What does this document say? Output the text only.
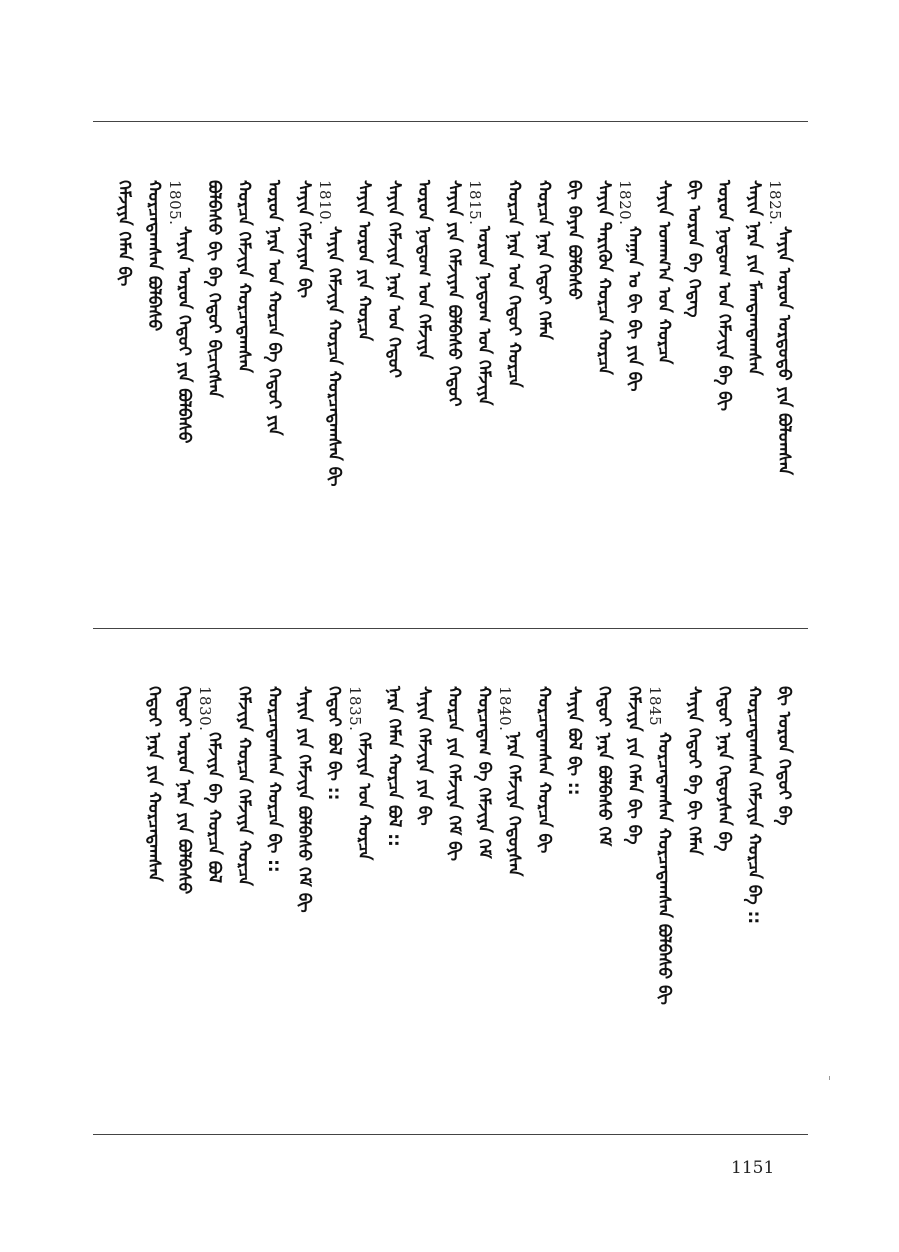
1825.
ᠰᠠᠶᠢᠨ ᠤᠷᠤᠨ ᠤᠷᠲᠤᠳᠤ ᠶᠢᠨ ᠪᠣᠯᠤᠭᠰᠠᠨ
ᠰᠠᠶᠢᠨ ᠨᠡᠷᠡ ᠶᠢᠨ ᠮᠠᠭᠲᠠᠭᠳᠠᠭᠰᠠᠨ
ᠤᠷᠤᠨ ᠨᠤᠲᠤᠭ ᠤᠨ ᠬᠡᠮᠵᠢᠶᠡ ᠪᠡ ᠪᠢ
ᠪᠢ ᠣᠷᠣᠨ ᠪᠠ ᠭᠡᠳᠡᠭ
ᠰᠠᠶᠢᠨ ᠤᠬᠠᠭ᠎ᠠ ᠤᠨ ᠬᠤᠷᠴᠠ
1820.
ᠬᠠᠭᠠᠨ ᠤ ᠪᠢ ᠪᠢ ᠶᠢᠨ ᠪᠢ
ᠰᠠᠶᠢᠨ ᠲᠡᠷᠢᠭᠦᠨ ᠬᠤᠷᠴᠠ ᠬᠤᠷᠴᠠ
ᠪᠢ ᠪᠠᠶᠠᠨ ᠪᠣᠯᠪᠠᠰᠤ
ᠬᠤᠷᠴᠠ ᠨᠡᠷᠡ ᠬᠡᠳᠦᠶ ᠬᠡᠮᠡᠨ
ᠬᠤᠷᠴᠠ ᠨᠡᠷᠡ ᠤᠨ ᠬᠡᠳᠦᠶ ᠬᠤᠷᠴᠠ
1815.
ᠤᠷᠤᠨ ᠨᠤᠲᠤᠭ ᠤᠨ ᠬᠡᠮᠵᠢᠶᠡ
ᠰᠠᠶᠢᠨ ᠶᠢᠨ ᠬᠡᠮᠵᠢᠶᠡᠨ ᠪᠣᠯᠪᠠᠰᠤ ᠬᠡᠳᠦᠶ
ᠤᠷᠤᠨ ᠨᠤᠲᠤᠭ ᠤᠨ ᠬᠡᠮᠵᠢᠶᠡ
ᠰᠠᠶᠢᠨ ᠬᠡᠮᠵᠢᠶᠡ ᠨᠡᠷᠡ ᠤᠨ ᠬᠡᠳᠦᠶ
ᠰᠠᠶᠢᠨ ᠣᠷᠣᠨ ᠶᠢᠨ ᠬᠤᠷᠴᠠ
1810.
ᠰᠠᠶᠢᠨ ᠬᠡᠮᠵᠢᠶᠡ ᠬᠤᠷᠴᠠ ᠬᠤᠷᠴᠠᠳᠠᠭᠰᠠᠨ ᠪᠢ
ᠰᠠᠶᠢᠨ ᠬᠡᠮᠵᠢᠶᠡᠨ ᠪᠢ
ᠤᠷᠤᠨ ᠨᠡᠷᠡ ᠤᠨ ᠬᠤᠷᠴᠠ ᠪᠠ ᠬᠡᠳᠦᠶ ᠶᠢᠨ
ᠬᠤᠷᠴᠠ ᠬᠡᠮᠵᠢᠶᠡ ᠬᠤᠷᠴᠠᠳᠠᠭᠰᠠᠨ
ᠪᠣᠯᠪᠠᠰᠤ ᠪᠢ ᠪᠠ ᠬᠡᠳᠦᠶ ᠪᠢᠴᠢᠭᠰᠡᠨ
1805.
ᠰᠠᠶᠢᠨ ᠤᠷᠤᠨ ᠬᠡᠳᠦᠶ ᠶᠢᠨ ᠪᠣᠯᠪᠠᠰᠤ
ᠬᠤᠷᠴᠠᠳᠠᠭᠰᠠᠨ ᠪᠣᠯᠪᠠᠰᠤ
ᠬᠡᠮᠵᠢᠶᠡ ᠬᠡᠮᠡᠨ ᠪᠢ
ᠪᠢ ᠤᠷᠤᠨ ᠬᠡᠳᠦᠶ ᠪᠠ
ᠬᠤᠷᠴᠠᠳᠠᠭᠰᠠᠨ ᠬᠡᠮᠵᠢᠶᠡ ᠬᠤᠷᠴᠠ ᠪᠠ ::
ᠬᠡᠳᠦᠶ ᠨᠡᠷᠡ ᠬᠡᠳᠦᠶᠰᠡᠨ ᠪᠠ
ᠰᠠᠶᠢᠨ ᠬᠡᠳᠦᠶ ᠪᠠ ᠪᠢ ᠬᠡᠮᠡᠨ
1845
ᠬᠤᠷᠴᠠᠳᠠᠭᠰᠠᠨ ᠬᠤᠷᠴᠠᠳᠠᠭᠰᠠᠨ ᠪᠣᠯᠪᠠᠰᠤ ᠪᠢ
ᠬᠡᠮᠵᠢᠶᠡ ᠶᠢᠨ ᠬᠡᠮᠡᠨ ᠪᠢ ᠪᠠ
ᠬᠡᠳᠦᠶ ᠨᠡᠷᠡ ᠪᠣᠯᠪᠠᠰᠤ ᠬᠡᠮ
ᠰᠠᠶᠢᠨ ᠪᠣᠯ ᠪᠢ ::
ᠬᠤᠷᠴᠠᠳᠠᠭᠰᠠᠨ ᠬᠤᠷᠴᠠ ᠪᠢ
1840.
ᠨᠡᠷᠡ ᠬᠡᠮᠵᠢᠶᠡ ᠬᠡᠳᠦᠶᠰᠡᠨ
ᠬᠤᠷᠴᠠᠳᠠᠭ ᠪᠠ ᠬᠡᠮᠵᠢᠶᠡ ᠬᠡᠮ
ᠬᠤᠷᠴᠠ ᠶᠢᠨ ᠬᠡᠮᠵᠢᠶᠡ ᠬᠡᠮ ᠪᠢ
ᠰᠠᠶᠢᠨ ᠬᠡᠮᠵᠢᠶᠡ ᠶᠢᠨ ᠪᠢ
ᠨᠡᠷᠡ ᠬᠡᠮᠡᠨ ᠬᠤᠷᠴᠠ ᠪᠣᠯ ::
1835.
ᠬᠡᠮᠵᠢᠶᠡ ᠤᠨ ᠬᠤᠷᠴᠠ
ᠬᠡᠳᠦᠶ ᠪᠣᠯ ᠪᠢ ::
ᠰᠠᠶᠢᠨ ᠶᠢᠨ ᠬᠡᠮᠵᠢᠶᠡ ᠪᠣᠯᠪᠠᠰᠤ ᠬᠡᠮ ᠪᠢ
ᠬᠤᠷᠴᠠᠳᠠᠭᠰᠠᠨ ᠬᠤᠷᠴᠠ ᠪᠢ ::
ᠬᠡᠮᠵᠢᠶᠡ ᠬᠤᠷᠴᠠ ᠬᠡᠮᠵᠢᠶᠡ ᠬᠤᠷᠴᠠ
1830.
ᠬᠡᠮᠵᠢᠶᠡ ᠪᠠ ᠬᠤᠷᠴᠠ ᠪᠣᠯ
ᠬᠡᠳᠦᠶ ᠤᠷᠤᠨ ᠨᠡᠷᠡ ᠶᠢᠨ ᠪᠣᠯᠪᠠᠰᠤ
ᠬᠡᠳᠦᠶ ᠨᠡᠷᠡ ᠶᠢᠨ ᠬᠤᠷᠴᠠᠳᠠᠭᠰᠠᠨ
1151
